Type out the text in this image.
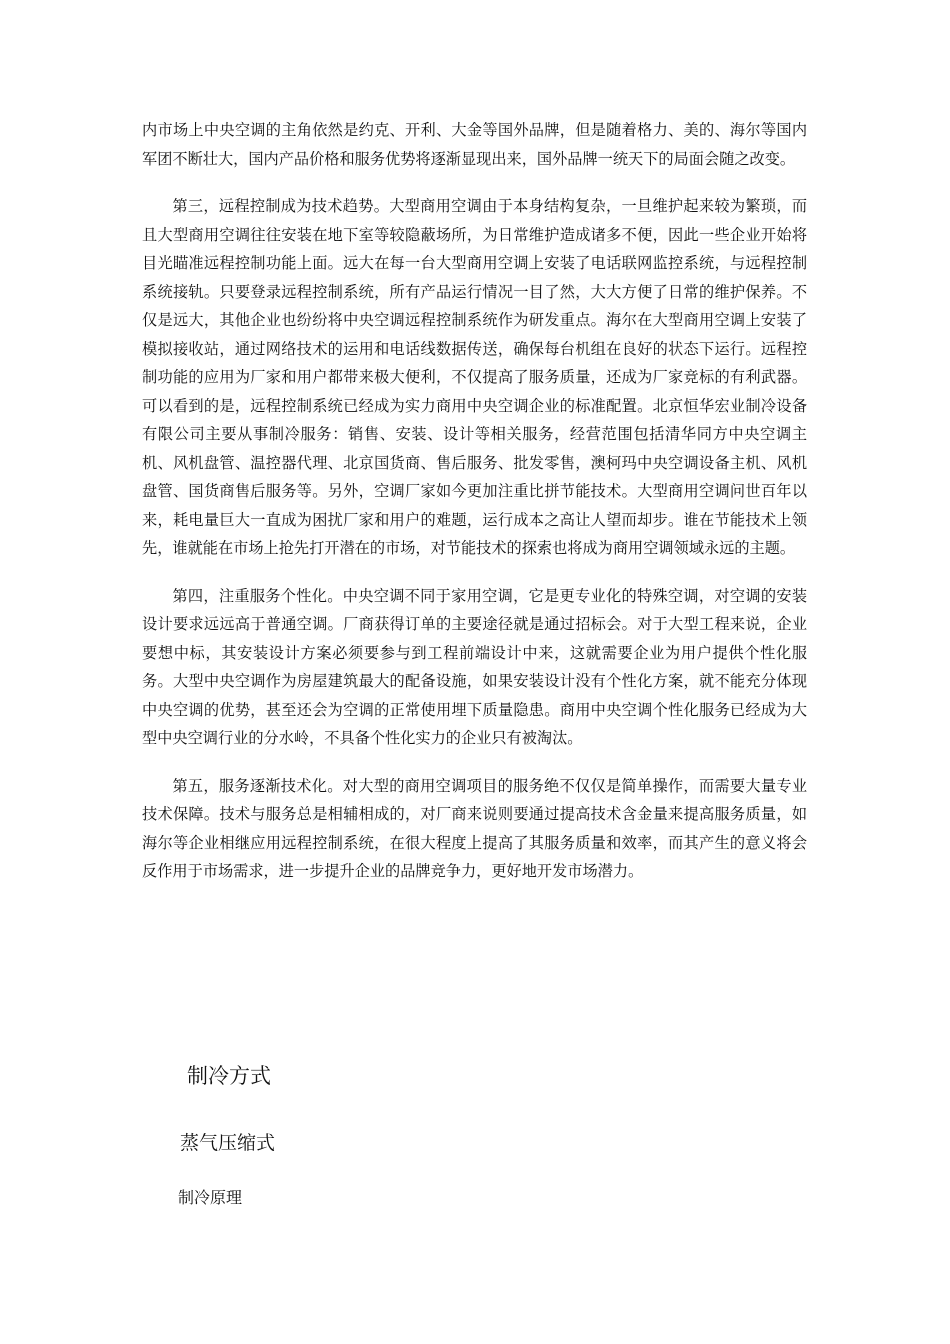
内市场上中央空调的主角依然是约克、开利、大金等国外品牌，但是随着格力、美的、海尔等国内军团不断壮大，国内产品价格和服务优势将逐渐显现出来，国外品牌一统天下的局面会随之改变。

第三，远程控制成为技术趋势。大型商用空调由于本身结构复杂，一旦维护起来较为繁琐，而且大型商用空调往往安装在地下室等较隐蔽场所，为日常维护造成诸多不便，因此一些企业开始将目光瞄准远程控制功能上面。远大在每一台大型商用空调上安装了电话联网监控系统，与远程控制系统接轨。只要登录远程控制系统，所有产品运行情况一目了然，大大方便了日常的维护保养。不仅是远大，其他企业也纷纷将中央空调远程控制系统作为研发重点。海尔在大型商用空调上安装了模拟接收站，通过网络技术的运用和电话线数据传送，确保每台机组在良好的状态下运行。远程控制功能的应用为厂家和用户都带来极大便利，不仅提高了服务质量，还成为厂家竞标的有利武器。可以看到的是，远程控制系统已经成为实力商用中央空调企业的标准配置。北京恒华宏业制冷设备有限公司主要从事制冷服务：销售、安装、设计等相关服务，经营范围包括清华同方中央空调主机、风机盘管、温控器代理、北京国货商、售后服务、批发零售，澳柯玛中央空调设备主机、风机盘管、国货商售后服务等。另外，空调厂家如今更加注重比拼节能技术。大型商用空调问世百年以来，耗电量巨大一直成为困扰厂家和用户的难题，运行成本之高让人望而却步。谁在节能技术上领先，谁就能在市场上抢先打开潜在的市场，对节能技术的探索也将成为商用空调领域永远的主题。

第四，注重服务个性化。中央空调不同于家用空调，它是更专业化的特殊空调，对空调的安装设计要求远远高于普通空调。厂商获得订单的主要途径就是通过招标会。对于大型工程来说，企业要想中标，其安装设计方案必须要参与到工程前端设计中来，这就需要企业为用户提供个性化服务。大型中央空调作为房屋建筑最大的配备设施，如果安装设计没有个性化方案，就不能充分体现中央空调的优势，甚至还会为空调的正常使用埋下质量隐患。商用中央空调个性化服务已经成为大型中央空调行业的分水岭，不具备个性化实力的企业只有被淘汰。

第五，服务逐渐技术化。对大型的商用空调项目的服务绝不仅仅是简单操作，而需要大量专业技术保障。技术与服务总是相辅相成的，对厂商来说则要通过提高技术含金量来提高服务质量，如海尔等企业相继应用远程控制系统，在很大程度上提高了其服务质量和效率，而其产生的意义将会反作用于市场需求，进一步提升企业的品牌竞争力，更好地开发市场潜力。

制冷方式
蒸气压缩式
制冷原理
